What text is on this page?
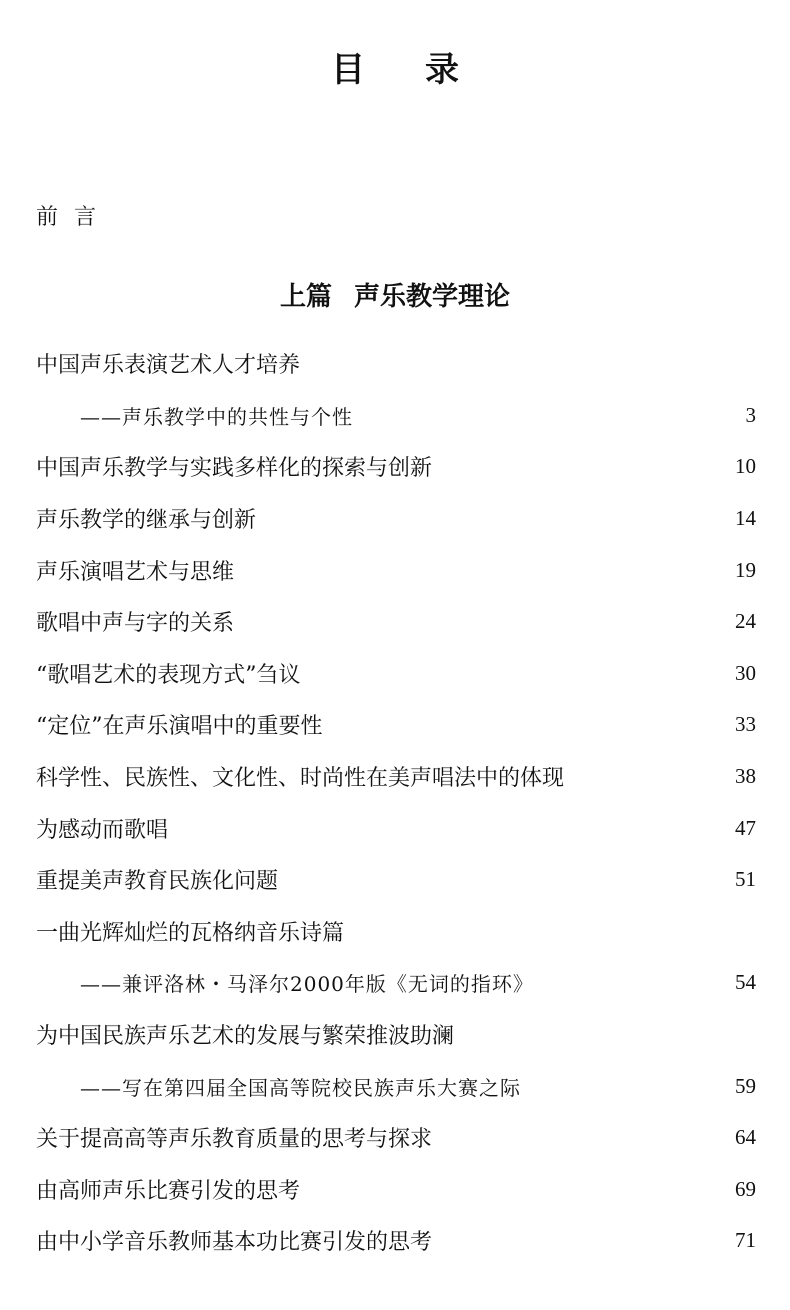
目录
前言
上篇 声乐教学理论
中国声乐表演艺术人才培养
——声乐教学中的共性与个性	3
中国声乐教学与实践多样化的探索与创新	10
声乐教学的继承与创新	14
声乐演唱艺术与思维	19
歌唱中声与字的关系	24
“歌唱艺术的表现方式”刍议	30
“定位”在声乐演唱中的重要性	33
科学性、民族性、文化性、时尚性在美声唱法中的体现	38
为感动而歌唱	47
重提美声教育民族化问题	51
一曲光辉灿烂的瓦格纳音乐诗篇
——兼评洛林・马泽尔2000年版《无词的指环》	54
为中国民族声乐艺术的发展与繁荣推波助澜
——写在第四届全国高等院校民族声乐大赛之际	59
关于提高高等声乐教育质量的思考与探求	64
由高师声乐比赛引发的思考	69
由中小学音乐教师基本功比赛引发的思考	71
